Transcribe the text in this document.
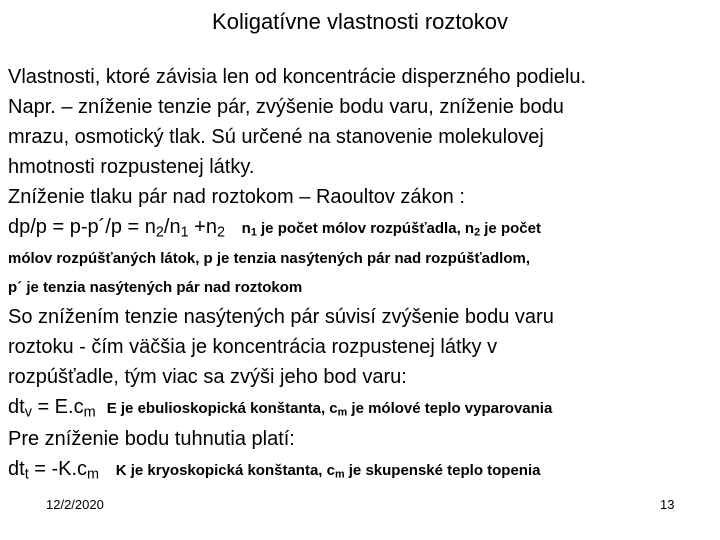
Koligatívne vlastnosti roztokov
Vlastnosti, ktoré závisia len od koncentrácie disperzného podielu.
Napr. – zníženie tenzie pár, zvýšenie bodu varu, zníženie bodu
mrazu, osmotický tlak. Sú určené na stanovenie molekulovej
hmotnosti rozpustenej látky.
Zníženie tlaku pár nad roztokom – Raoultov zákon :
dp/p = p-p´/p = $n_2/n_1 +n_2$ $n_1$ je počet mólov rozpúšťadla, $n_2$ je počet
mólov rozpúšťaných látok, p je tenzia nasýtených pár nad rozpúšťadlom,
p´ je tenzia nasýtených pár nad roztokom
So znížením tenzie nasýtených pár súvisí zvýšenie bodu varu
roztoku - čím väčšia je koncentrácia rozpustenej látky v
rozpúšťadle, tým viac sa zvýši jeho bod varu:
$dt_v = E.c_m$ E je ebulioskopická konštanta, $c_m$ je mólové teplo vyparovania
Pre zníženie bodu tuhnutia platí:
$dt_t = -K.c_m$ K je kryoskopická konštanta, $c_m$ je skupenské teplo topenia
12/2/2020	13
